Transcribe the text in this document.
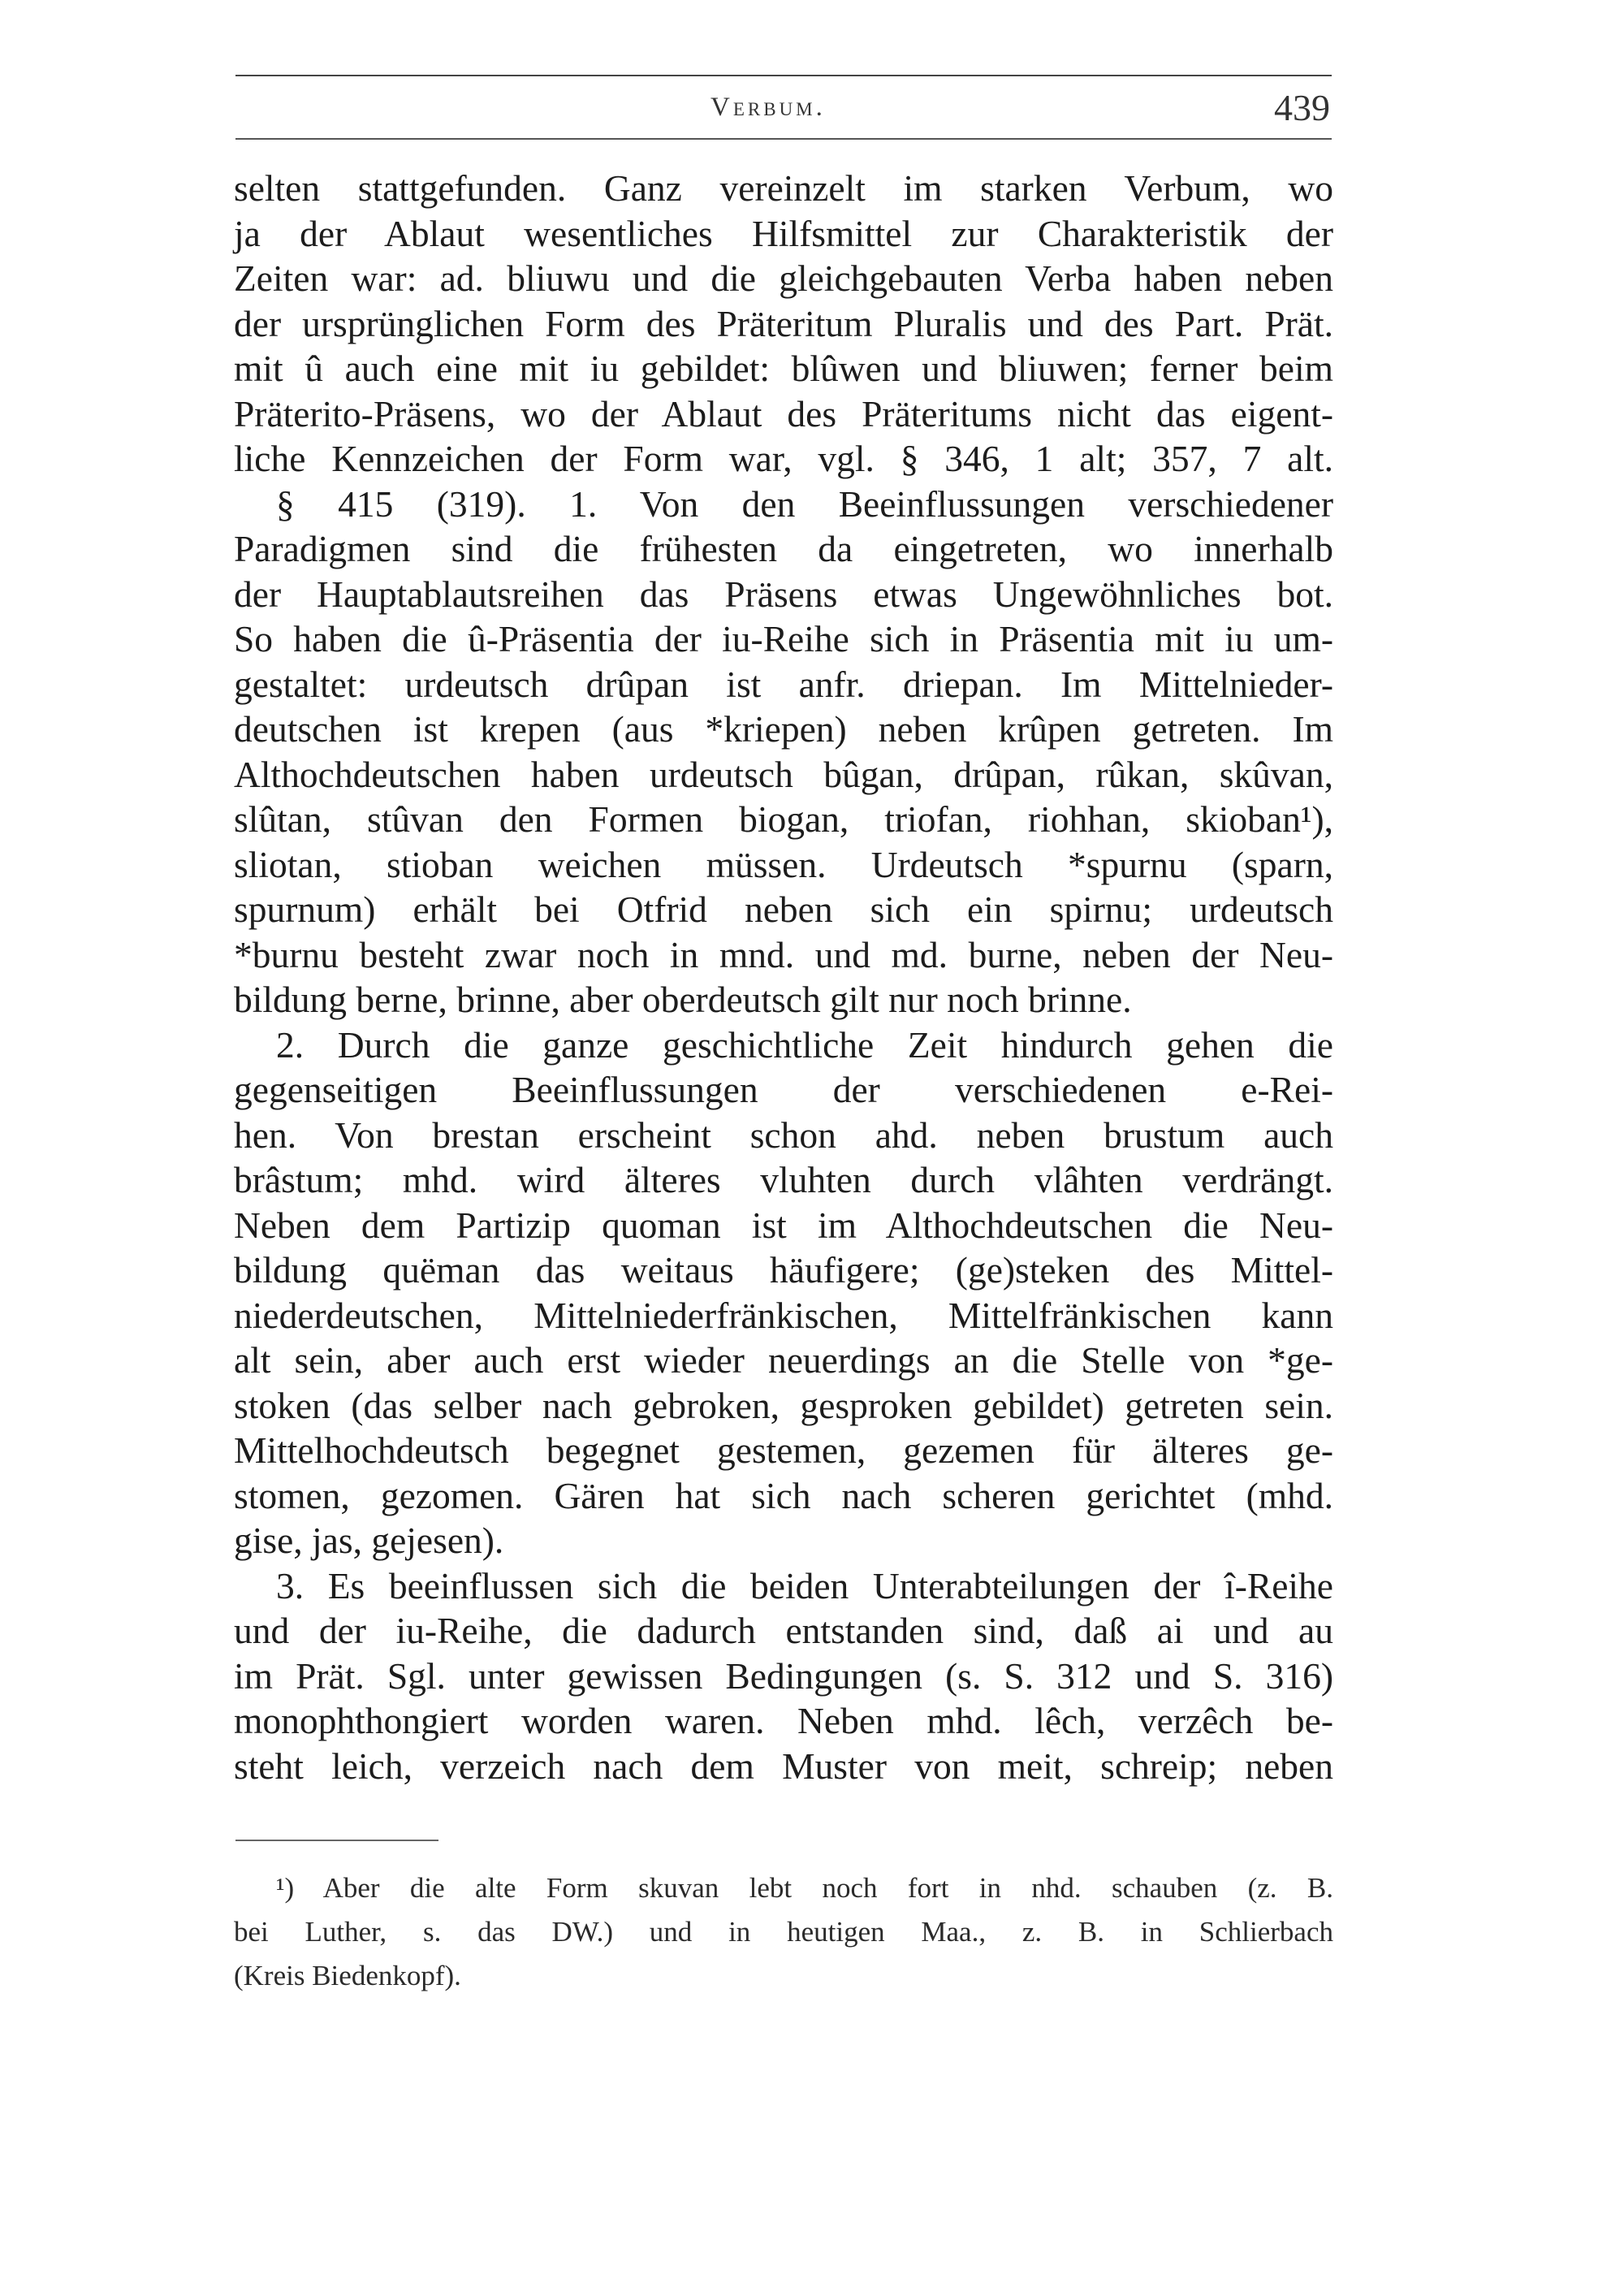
Verbum.	439
selten stattgefunden. Ganz vereinzelt im starken Verbum, wo
ja der Ablaut wesentliches Hilfsmittel zur Charakteristik der
Zeiten war: ad. bliuwu und die gleichgebauten Verba haben neben
der ursprünglichen Form des Präteritum Pluralis und des Part. Prät.
mit û auch eine mit iu gebildet: blûwen und bliuwen; ferner beim
Präterito-Präsens, wo der Ablaut des Präteritums nicht das eigent-
liche Kennzeichen der Form war, vgl. § 346, 1 alt; 357, 7 alt.
§ 415 (319). 1. Von den Beeinflussungen verschiedener
Paradigmen sind die frühesten da eingetreten, wo innerhalb
der Hauptablautsreihen das Präsens etwas Ungewöhnliches bot.
So haben die û-Präsentia der iu-Reihe sich in Präsentia mit iu um-
gestaltet: urdeutsch drûpan ist anfr. driepan. Im Mittelnieder-
deutschen ist krepen (aus *kriepen) neben krûpen getreten. Im
Althochdeutschen haben urdeutsch bûgan, drûpan, rûkan, skûvan,
slûtan, stûvan den Formen biogan, triofan, riohhan, skioban¹),
sliotan, stioban weichen müssen. Urdeutsch *spurnu (sparn,
spurnum) erhält bei Otfrid neben sich ein spirnu; urdeutsch
*burnu besteht zwar noch in mnd. und md. burne, neben der Neu-
bildung berne, brinne, aber oberdeutsch gilt nur noch brinne.
2. Durch die ganze geschichtliche Zeit hindurch gehen die
gegenseitigen Beeinflussungen der verschiedenen e-Rei-
hen. Von brestan erscheint schon ahd. neben brustum auch
brâstum; mhd. wird älteres vluhten durch vlâhten verdrängt.
Neben dem Partizip quoman ist im Althochdeutschen die Neu-
bildung quëman das weitaus häufigere; (ge)steken des Mittel-
niederdeutschen, Mittelniederfränkischen, Mittelfränkischen kann
alt sein, aber auch erst wieder neuerdings an die Stelle von *ge-
stoken (das selber nach gebroken, gesproken gebildet) getreten sein.
Mittelhochdeutsch begegnet gestemen, gezemen für älteres ge-
stomen, gezomen. Gären hat sich nach scheren gerichtet (mhd.
gise, jas, gejesen).
3. Es beeinflussen sich die beiden Unterabteilungen der î-Reihe
und der iu-Reihe, die dadurch entstanden sind, daß ai und au
im Prät. Sgl. unter gewissen Bedingungen (s. S. 312 und S. 316)
monophthongiert worden waren. Neben mhd. lêch, verzêch be-
steht leich, verzeich nach dem Muster von meit, schreip; neben
¹) Aber die alte Form skuvan lebt noch fort in nhd. schauben (z. B.
bei Luther, s. das DW.) und in heutigen Maa., z. B. in Schlierbach
(Kreis Biedenkopf).
